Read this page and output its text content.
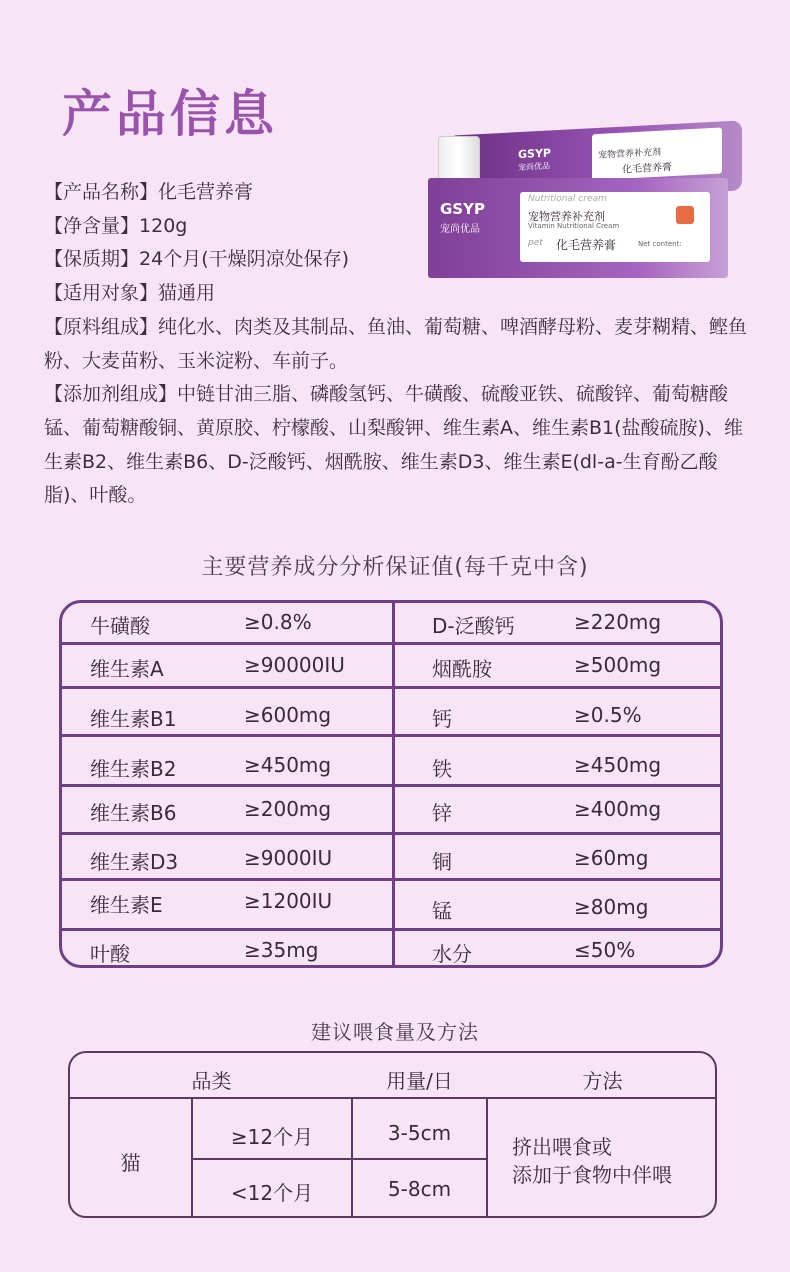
产品信息
宠物营养补充剂
化毛营养膏
GSYP
宠尚优品
GSYP
宠尚优品
Nutritional cream
宠物营养补充剂
Vitamin Nutritional Cream
pet 化毛营养膏	Net content:
【产品名称】化毛营养膏
【净含量】120g
【保质期】24个月(干燥阴凉处保存)
【适用对象】猫通用
【原料组成】纯化水、肉类及其制品、鱼油、葡萄糖、啤酒酵母粉、麦芽糊精、鲣鱼粉、大麦苗粉、玉米淀粉、车前子。
【添加剂组成】中链甘油三脂、磷酸氢钙、牛磺酸、硫酸亚铁、硫酸锌、葡萄糖酸锰、葡萄糖酸铜、黄原胶、柠檬酸、山梨酸钾、维生素A、维生素B1(盐酸硫胺)、维生素B2、维生素B6、D-泛酸钙、烟酰胺、维生素D3、维生素E(dl-a-生育酚乙酸脂)、叶酸。
主要营养成分分析保证值(每千克中含)
牛磺酸	≥0.8%	D-泛酸钙	≥220mg
维生素A	≥90000IU	烟酰胺	≥500mg
维生素B1	≥600mg	钙	≥0.5%
维生素B2	≥450mg	铁	≥450mg
维生素B6	≥200mg	锌	≥400mg
维生素D3	≥9000IU	铜	≥60mg
维生素E	≥1200IU	锰	≥80mg
叶酸	≥35mg	水分	≤50%
建议喂食量及方法
品类	用量/日	方法
猫
≥12个月	3-5cm
<12个月	5-8cm
挤出喂食或
添加于食物中伴喂
